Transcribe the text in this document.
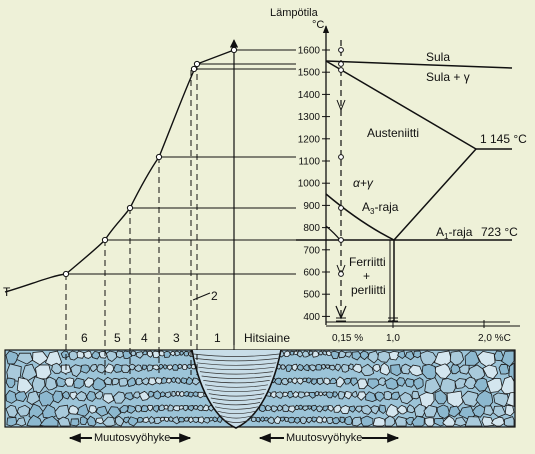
T	2
6 5 4 3	1 Hitsiaine
1600
1500
1400
1300
1200
1100
1000
900
800
700
600
500
400
Lämpötila
°C
0,15 % 1,0	2,0 %C
Sula
Sula + γ
Austeniitti	1 145 °C
α+γ
$A_3$-raja
$A_1$-raja 723 °C
Ferriitti
+
perliitti
Muutosvyöhyke	Muutosvyöhyke
